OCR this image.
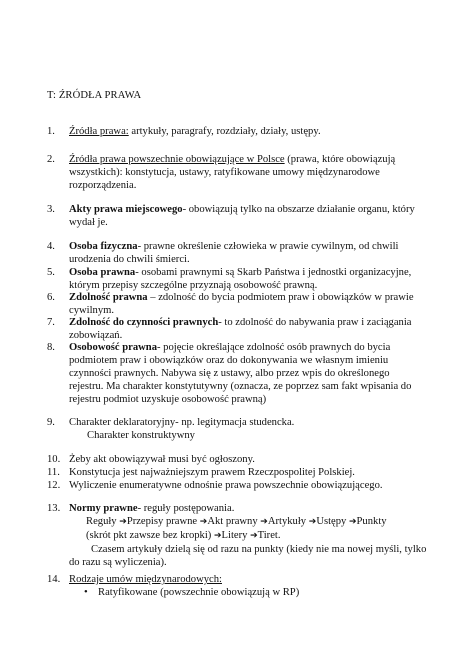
T: ŹRÓDŁA PRAWA
1.	Źródła prawa: artykuły, paragrafy, rozdziały, działy, ustępy.
2.	Źródła prawa powszechnie obowiązujące w Polsce (prawa, które obowiązują
wszystkich): konstytucja, ustawy, ratyfikowane umowy międzynarodowe
rozporządzenia.
3.	Akty prawa miejscowego- obowiązują tylko na obszarze działanie organu, który
wydał je.
4.	Osoba fizyczna- prawne określenie człowieka w prawie cywilnym, od chwili
urodzenia do chwili śmierci.
5.	Osoba prawna- osobami prawnymi są Skarb Państwa i jednostki organizacyjne,
którym przepisy szczególne przyznają osobowość prawną.
6.	Zdolność prawna – zdolność do bycia podmiotem praw i obowiązków w prawie
cywilnym.
7.	Zdolność do czynności prawnych- to zdolność do nabywania praw i zaciągania
zobowiązań.
8.	Osobowość prawna- pojęcie określające zdolność osób prawnych do bycia
podmiotem praw i obowiązków oraz do dokonywania we własnym imieniu
czynności prawnych. Nabywa się z ustawy, albo przez wpis do określonego
rejestru. Ma charakter konstytutywny (oznacza, ze poprzez sam fakt wpisania do
rejestru podmiot uzyskuje osobowość prawną)

9.	Charakter deklaratoryjny- np. legitymacja studencka.
Charakter konstruktywny
10. Żeby akt obowiązywał musi być ogłoszony.
11. Konstytucja jest najważniejszym prawem Rzeczpospolitej Polskiej.
12. Wyliczenie enumeratywne odnośnie prawa powszechnie obowiązującego.
13. Normy prawne- reguły postępowania.
Reguły ➔Przepisy prawne ➔Akt prawny ➔Artykuły ➔Ustępy ➔Punkty
(skrót pkt zawsze bez kropki) ➔Litery ➔Tiret.
Czasem artykuły dzielą się od razu na punkty (kiedy nie ma nowej myśli, tylko
do razu są wyliczenia).
14. Rodzaje umów międzynarodowych:
• Ratyfikowane (powszechnie obowiązują w RP)
